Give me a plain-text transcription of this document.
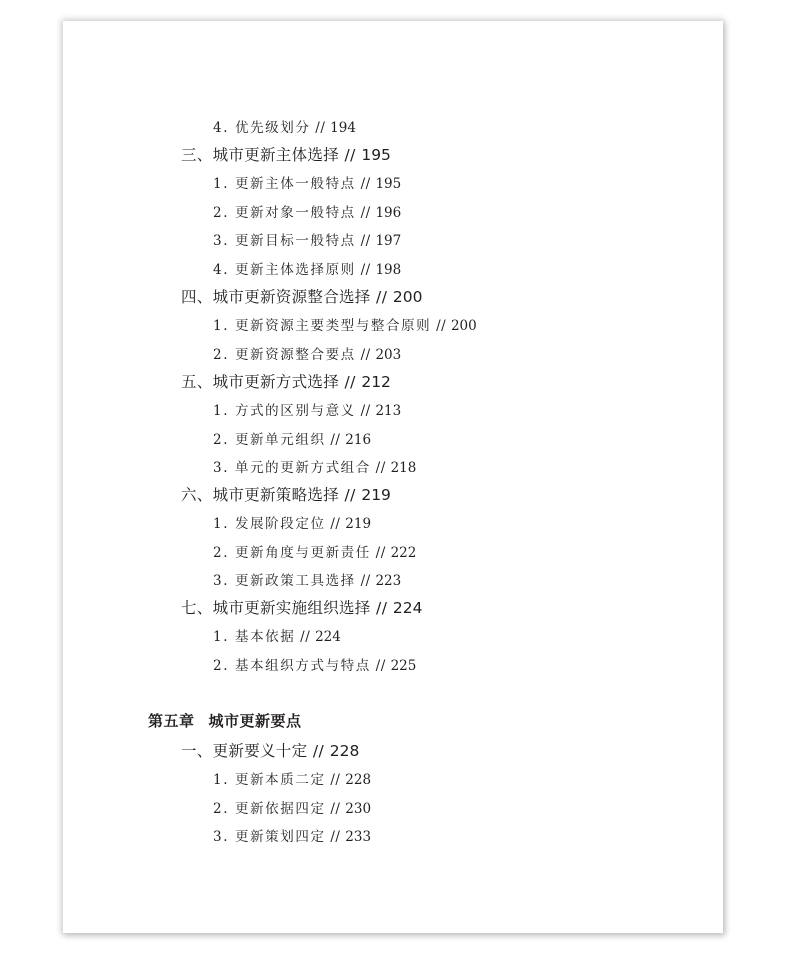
4. 优先级划分 // 194
三、城市更新主体选择 // 195
1. 更新主体一般特点 // 195
2. 更新对象一般特点 // 196
3. 更新目标一般特点 // 197
4. 更新主体选择原则 // 198
四、城市更新资源整合选择 // 200
1. 更新资源主要类型与整合原则 // 200
2. 更新资源整合要点 // 203
五、城市更新方式选择 // 212
1. 方式的区别与意义 // 213
2. 更新单元组织 // 216
3. 单元的更新方式组合 // 218
六、城市更新策略选择 // 219
1. 发展阶段定位 // 219
2. 更新角度与更新责任 // 222
3. 更新政策工具选择 // 223
七、城市更新实施组织选择 // 224
1. 基本依据 // 224
2. 基本组织方式与特点 // 225
第五章 城市更新要点
一、更新要义十定 // 228
1. 更新本质二定 // 228
2. 更新依据四定 // 230
3. 更新策划四定 // 233
